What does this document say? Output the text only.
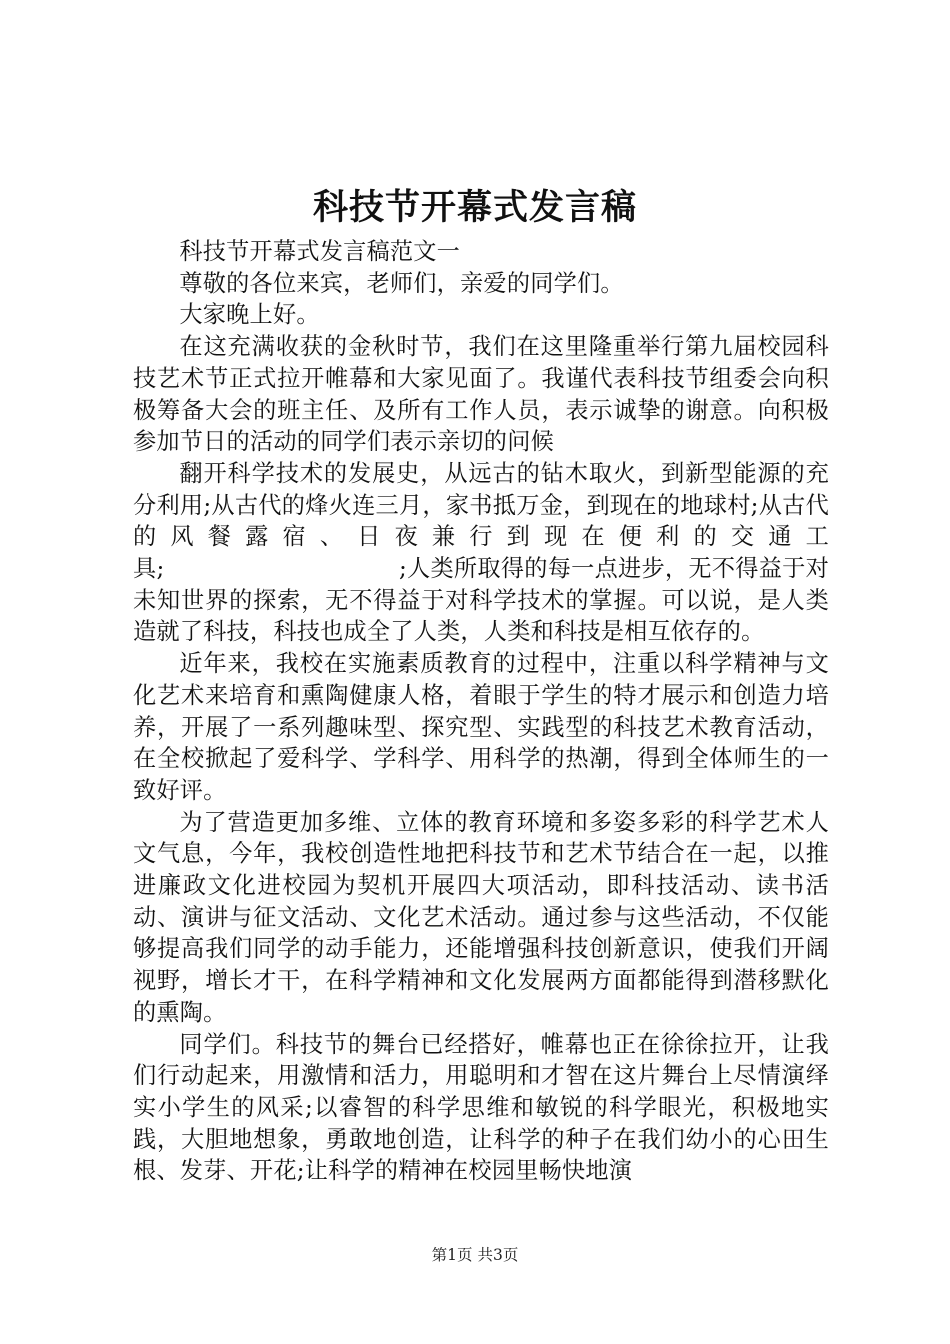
科技节开幕式发言稿

科技节开幕式发言稿范文一

尊敬的各位来宾，老师们，亲爱的同学们。

大家晚上好。

在这充满收获的金秋时节，我们在这里隆重举行第九届校园科技艺术节正式拉开帷幕和大家见面了。我谨代表科技节组委会向积极筹备大会的班主任、及所有工作人员，表示诚挚的谢意。向积极参加节日的活动的同学们表示亲切的问候

翻开科学技术的发展史，从远古的钻木取火，到新型能源的充分利用;从古代的烽火连三月，家书抵万金，到现在的地球村;从古代的风餐露宿、日夜兼行到现在便利的交通工具;　　　　　　　　　　;人类所取得的每一点进步，无不得益于对未知世界的探索，无不得益于对科学技术的掌握。可以说，是人类造就了科技，科技也成全了人类，人类和科技是相互依存的。

近年来，我校在实施素质教育的过程中，注重以科学精神与文化艺术来培育和熏陶健康人格，着眼于学生的特才展示和创造力培养，开展了一系列趣味型、探究型、实践型的科技艺术教育活动，在全校掀起了爱科学、学科学、用科学的热潮，得到全体师生的一致好评。

为了营造更加多维、立体的教育环境和多姿多彩的科学艺术人文气息，今年，我校创造性地把科技节和艺术节结合在一起，以推进廉政文化进校园为契机开展四大项活动，即科技活动、读书活动、演讲与征文活动、文化艺术活动。通过参与这些活动，不仅能够提高我们同学的动手能力，还能增强科技创新意识，使我们开阔视野，增长才干，在科学精神和文化发展两方面都能得到潜移默化的熏陶。

同学们。科技节的舞台已经搭好，帷幕也正在徐徐拉开，让我们行动起来，用激情和活力，用聪明和才智在这片舞台上尽情演绎实小学生的风采;以睿智的科学思维和敏锐的科学眼光，积极地实践，大胆地想象，勇敢地创造，让科学的种子在我们幼小的心田生根、发芽、开花;让科学的精神在校园里畅快地演

第1页 共3页
